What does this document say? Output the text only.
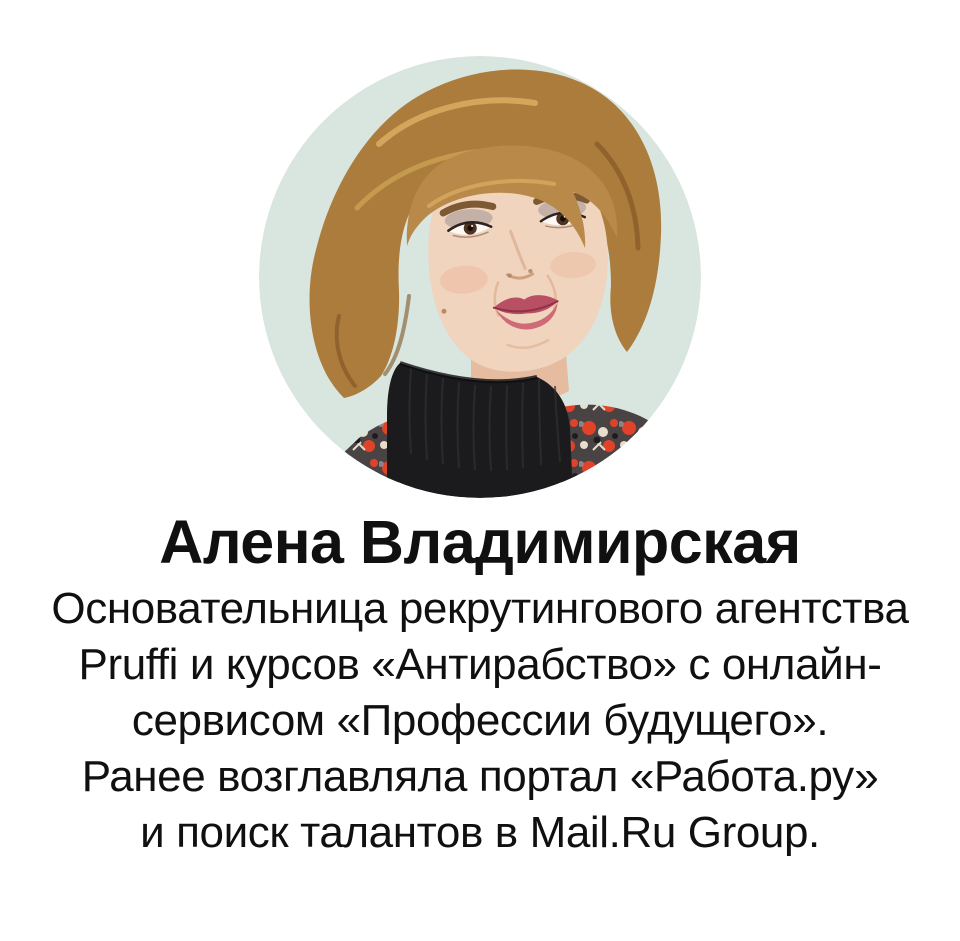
Алена Владимирская

Основательница рекрутингового агентства
Pruffi и курсов «Антирабство» с онлайн-
сервисом «Профессии будущего».
Ранее возглавляла портал «Работа.ру»
и поиск талантов в Mail.Ru Group.
